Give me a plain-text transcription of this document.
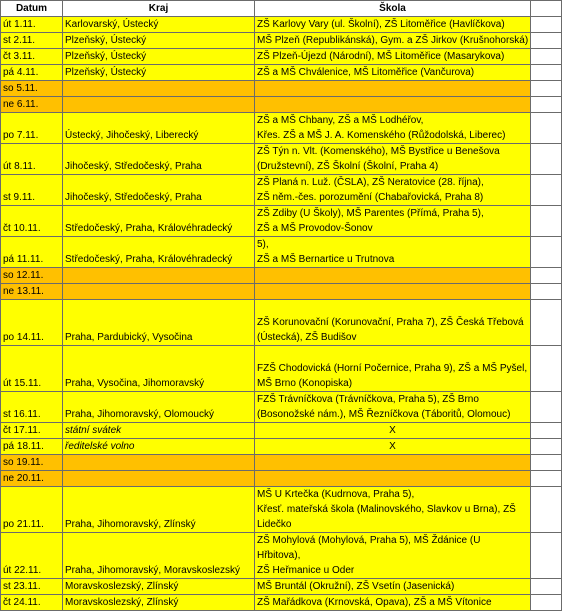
Datum	Kraj	Škola	
út 1.11.	Karlovarský, Ústecký	ZŠ Karlovy Vary (ul. Školní), ZŠ Litoměřice (Havlíčkova)	

st 2.11.	Plzeňský, Ústecký	MŠ Plzeň (Republikánská), Gym. a ZŠ Jirkov (Krušnohorská)	

čt 3.11.	Plzeňský, Ústecký	ZŠ Plzeň-Újezd (Národní), MŠ Litoměřice (Masarykova)	

pá 4.11.	Plzeňský, Ústecký	ZŠ a MŠ Chválenice, MŠ Litoměřice (Vančurova)	

so 5.11.		

ne 6.11.		

po 7.11.	Ústecký, Jihočeský, Liberecký	ZŠ a MŠ Chbany, ZŠ a MŠ Lodhéřov,
Křes. ZŠ a MŠ J. A. Komenského (Růžodolská, Liberec)	

út 8.11.	Jihočeský, Středočeský, Praha	ZŠ Týn n. Vlt. (Komenského), MŠ Bystřice u Benešova
(Družstevní), ZŠ Školní (Školní, Praha 4)	

st 9.11.	Jihočeský, Středočeský, Praha	ZŠ Planá n. Luž. (ČSLA), ZŠ Neratovice (28. října),
ZŠ něm.-čes. porozumění (Chabařovická, Praha 8)	

čt 10.11.	Středočeský, Praha, Královéhradecký	ZŠ Zdiby (U Školy), MŠ Parentes (Přímá, Praha 5),
ZŠ a MŠ Provodov-Šonov	

pá 11.11.	Středočeský, Praha, Královéhradecký	5),
ZŠ a MŠ Bernartice u Trutnova	

so 12.11.		

ne 13.11.		

po 14.11.	Praha, Pardubický, Vysočina	ZŠ Korunovační (Korunovační, Praha 7), ZŠ Česká Třebová
(Ústecká), ZŠ Budišov	

út 15.11.	Praha, Vysočina, Jihomoravský	FZŠ Chodovická (Horní Počernice, Praha 9), ZŠ a MŠ Pyšel,
MŠ Brno (Konopiska)	

st 16.11.	Praha, Jihomoravský, Olomoucký	FZŠ Trávníčkova (Trávníčkova, Praha 5), ZŠ Brno
(Bosonožské nám.), MŠ Řezníčkova (Táboritů, Olomouc)	

čt 17.11.	státní svátek	X	

pá 18.11.	ředitelské volno	X	

so 19.11.		

ne 20.11.		

po 21.11.	Praha, Jihomoravský, Zlínský	MŠ U Krtečka (Kudrnova, Praha 5),
Křesť. mateřská škola (Malinovského, Slavkov u Brna), ZŠ
Lidečko	

út 22.11.	Praha, Jihomoravský, Moravskoslezský	ZŠ Mohylová (Mohylová, Praha 5), MŠ Ždánice (U
Hřbitova),
ZŠ Heřmanice u Oder	

st 23.11.	Moravskoslezský, Zlínský	MŠ Bruntál (Okružní), ZŠ Vsetín (Jasenická)	

čt 24.11.	Moravskoslezský, Zlínský	ZŠ Mařádkova (Krnovská, Opava), ZŠ a MŠ Vítonice	
